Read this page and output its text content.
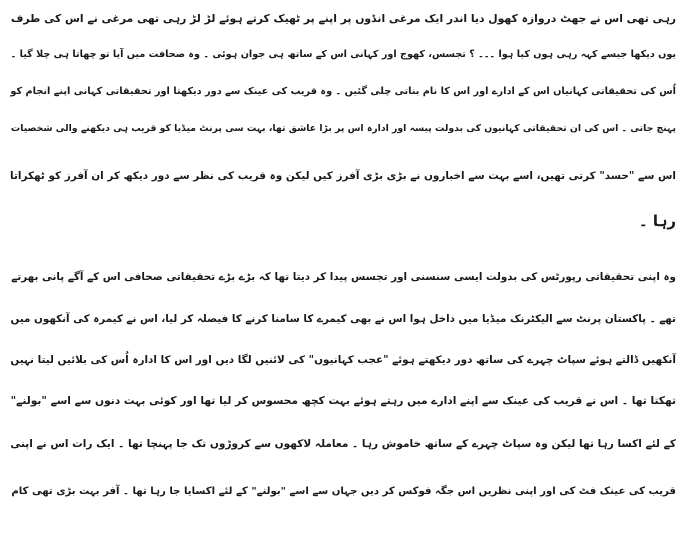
رہی تھی اس نے جھٹ دروازہ کھول دیا اندر ایک مرغی انڈوں پر اپنے پر ٹھیک کرتے ہوئے لڑ لڑ رہی تھی مرغی نے اس کی طرف
یوں دیکھا جیسے کہہ رہی ہوں کیا ہوا ۔۔۔ ؟ تجسس، کھوج اور کہانی اس کے ساتھ ہی جوان ہوئی ۔ وہ صحافت میں آیا تو چھاتا ہی چلا گیا ۔
اُس کی تحقیقاتی کہانیاں اس کے ادارے اور اس کا نام بناتی چلی گئیں ۔ وہ قریب کی عینک سے دور دیکھتا اور تحقیقاتی کہانی اپنے انجام کو
پہنچ جاتی ۔ اس کی ان تحقیقاتی کہانیوں کی بدولت پیسہ اور ادارہ اس پر بڑا عاشق تھا، بہت سی پرنٹ میڈیا کو قریب ہی دیکھنے والی شخصیات
اس سے "حسد" کرتی تھیں، اسے بہت سے اخباروں نے بڑی بڑی آفرز کیں لیکن وہ قریب کی نظر سے دور دیکھ کر ان آفرز کو ٹھکراتا
رہا ۔
وہ اپنی تحقیقاتی رپورٹس کی بدولت ایسی سنسنی اور تجسس پیدا کر دیتا تھا کہ بڑے بڑے تحقیقاتی صحافی اس کے آگے پانی بھرتے
تھے ۔ پاکستان پرنٹ سے الیکٹرنک میڈیا میں داخل ہوا اس نے بھی کیمرے کا سامنا کرنے کا فیصلہ کر لیا، اس نے کیمرہ کی آنکھوں میں
آنکھیں ڈالتے ہوئے سپاٹ چہرے کی ساتھ دور دیکھتے ہوئے "عجب کہانیوں" کی لائنیں لگا دیں اور اس کا ادارہ اُس کی بلائیں لیتا نہیں
تھکتا تھا ۔ اس نے قریب کی عینک سے اپنے ادارے میں رہتے ہوئے بہت کچھ محسوس کر لیا تھا اور کوئی بہت دنوں سے اسے "بولنے"
کے لئے اکسا رہا تھا لیکن وہ سپاٹ چہرے کے ساتھ خاموش رہا ۔ معاملہ لاکھوں سے کروڑوں تک جا پہنچا تھا ۔ ایک رات اس نے اپنی
قریب کی عینک فٹ کی اور اپنی نظریں اس جگہ فوکس کر دیں جہاں سے اسے "بولنے" کے لئے اکسایا جا رہا تھا ۔ آفر بہت بڑی تھی کام
